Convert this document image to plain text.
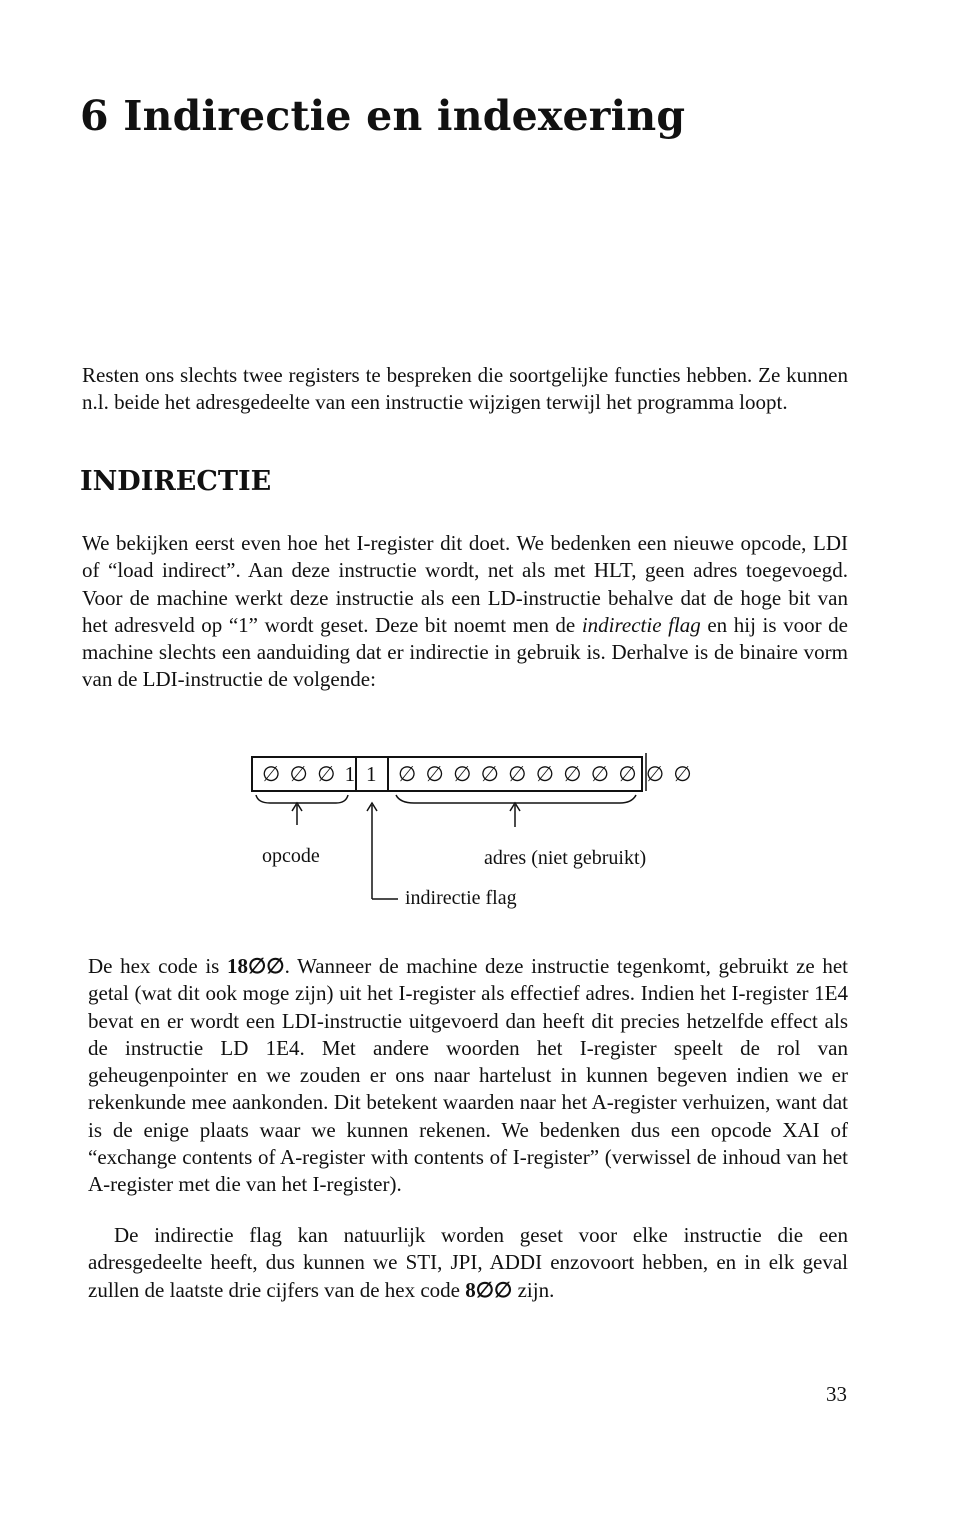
6 Indirectie en indexering

Resten ons slechts twee registers te bespreken die soortgelijke functies hebben. Ze kunnen n.l. beide het adresgedeelte van een instructie wijzigen terwijl het programma loopt.

INDIRECTIE

We bekijken eerst even hoe het I-register dit doet. We bedenken een nieuwe opcode, LDI of “load indirect”. Aan deze instructie wordt, net als met HLT, geen adres toegevoegd. Voor de machine werkt deze instructie als een LD-instructie behalve dat de hoge bit van het adresveld op “1” wordt geset. Deze bit noemt men de indirectie flag en hij is voor de machine slechts een aanduiding dat er indirectie in gebruik is. Derhalve is de binaire vorm van de LDI-instructie de volgende:

∅ ∅ ∅ 1 1 ∅ ∅ ∅ ∅ ∅ ∅ ∅ ∅ ∅ ∅ ∅
opcode	adres (niet gebruikt)
indirectie flag

De hex code is 18∅∅. Wanneer de machine deze instructie tegenkomt, gebruikt ze het getal (wat dit ook moge zijn) uit het I-register als effectief adres. Indien het I-register 1E4 bevat en er wordt een LDI-instructie uitgevoerd dan heeft dit precies hetzelfde effect als de instructie LD 1E4. Met andere woorden het I-register speelt de rol van geheugenpointer en we zouden er ons naar hartelust in kunnen begeven indien we er rekenkunde mee aankonden. Dit betekent waarden naar het A-register verhuizen, want dat is de enige plaats waar we kunnen rekenen. We bedenken dus een opcode XAI of “exchange contents of A-register with contents of I-register” (verwissel de inhoud van het A-register met die van het I-register).

De indirectie flag kan natuurlijk worden geset voor elke instructie die een adresgedeelte heeft, dus kunnen we STI, JPI, ADDI enzovoort hebben, en in elk geval zullen de laatste drie cijfers van de hex code 8∅∅ zijn.

33
